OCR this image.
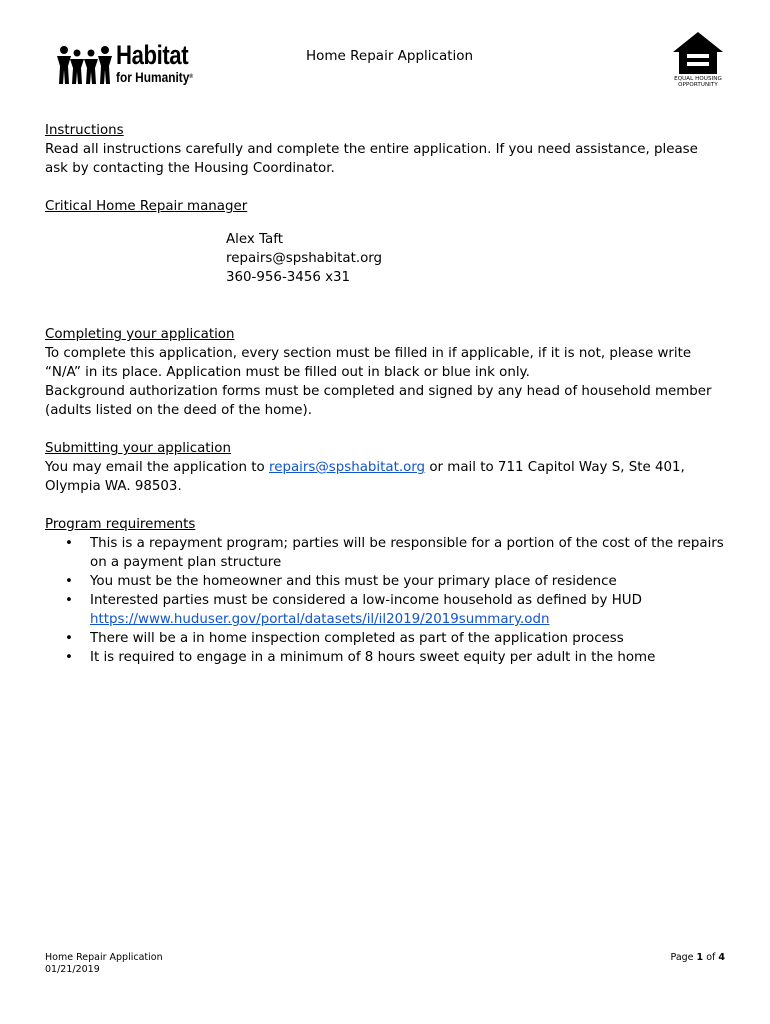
Habitat
for Humanity®
Home Repair Application
EQUAL HOUSING OPPORTUNITY

Instructions

Read all instructions carefully and complete the entire application. If you need assistance, please ask by contacting the Housing Coordinator.

Critical Home Repair manager

Alex Taft

repairs@spshabitat.org

360-956-3456 x31

Completing your application

To complete this application, every section must be filled in if applicable, if it is not, please write “N/A” in its place. Application must be filled out in black or blue ink only.

Background authorization forms must be completed and signed by any head of household member (adults listed on the deed of the home).

Submitting your application

You may email the application to repairs@spshabitat.org or mail to 711 Capitol Way S, Ste 401, Olympia WA. 98503.

Program requirements

• This is a repayment program; parties will be responsible for a portion of the cost of the repairs on a payment plan structure
• You must be the homeowner and this must be your primary place of residence
• Interested parties must be considered a low-income household as defined by HUD
https://www.huduser.gov/portal/datasets/il/il2019/2019summary.odn
• There will be a in home inspection completed as part of the application process
• It is required to engage in a minimum of 8 hours sweet equity per adult in the home
Home Repair Application
01/21/2019
Page 1 of 4
